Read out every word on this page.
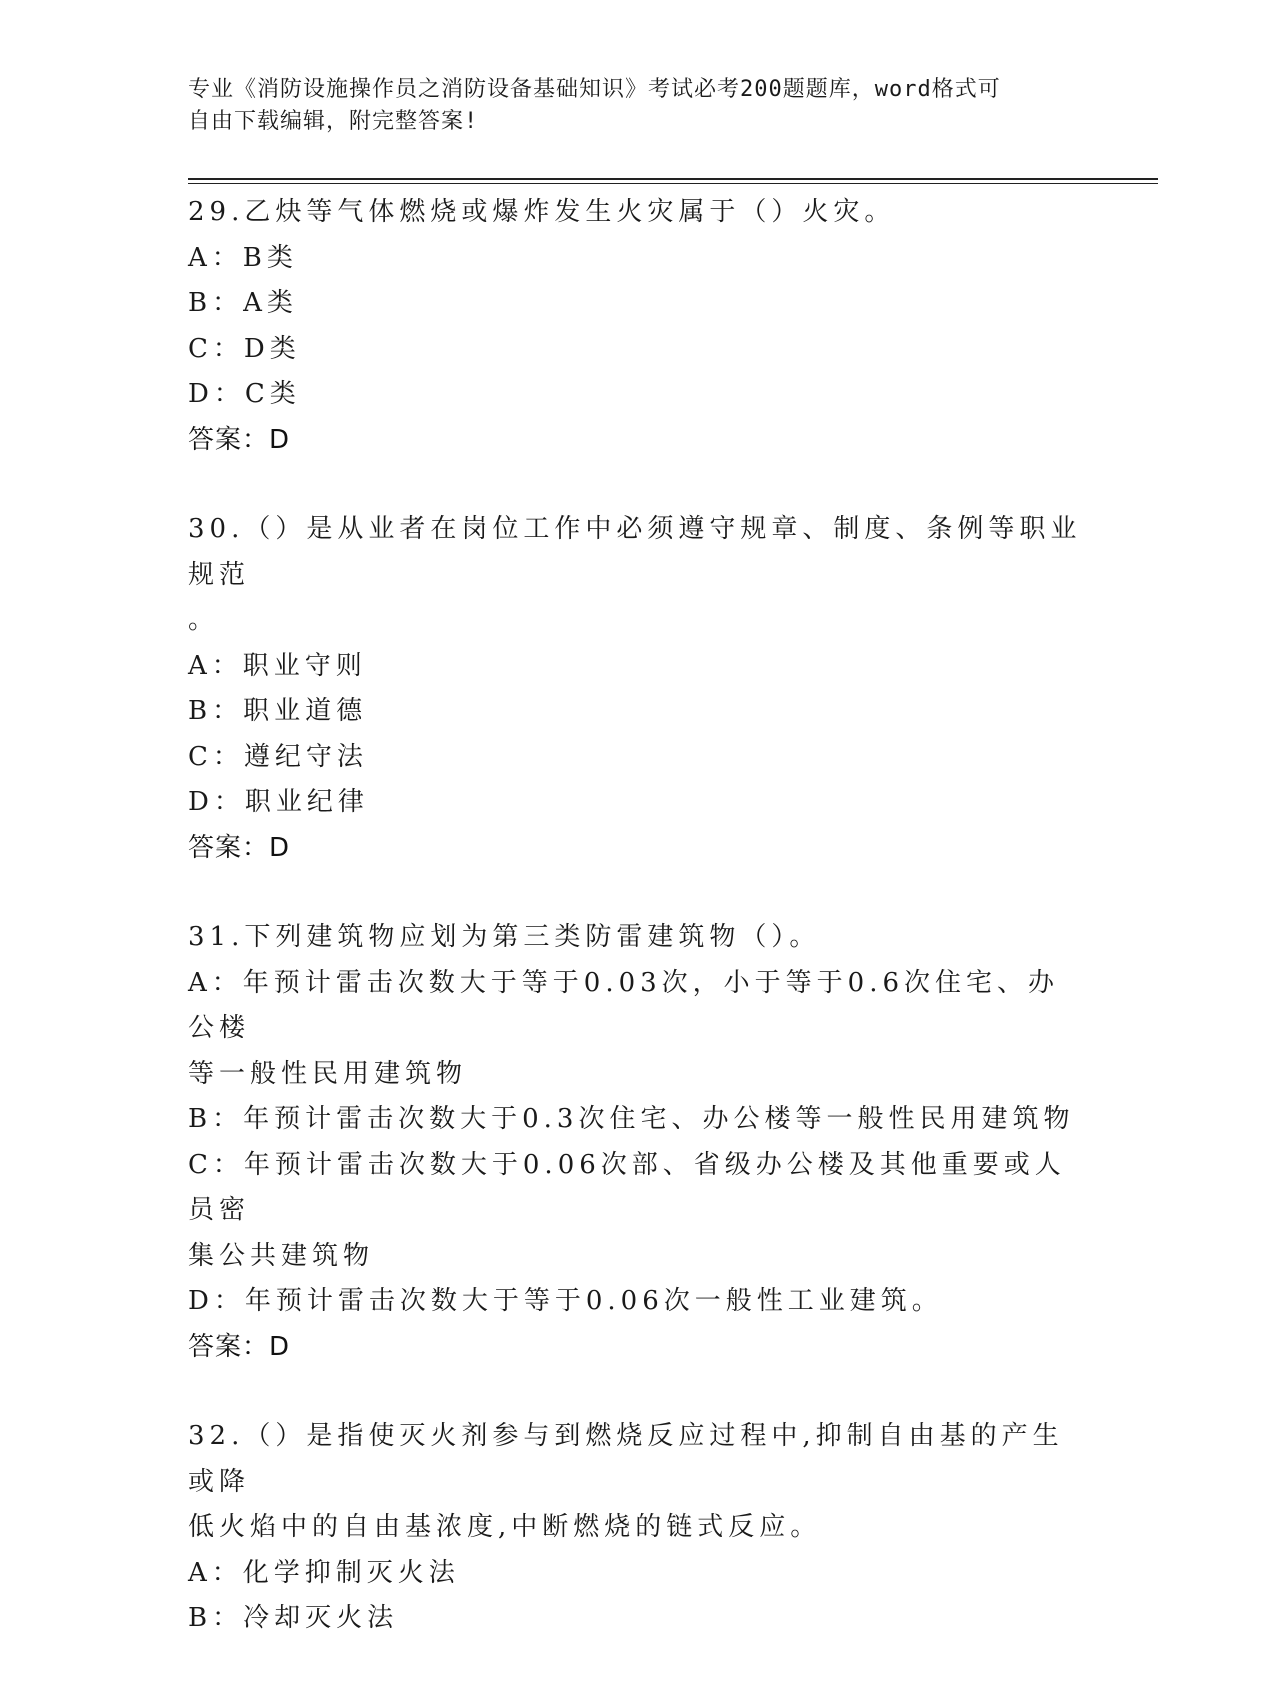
专业《消防设施操作员之消防设备基础知识》考试必考200题题库，word格式可
自由下载编辑，附完整答案!
29.乙炔等气体燃烧或爆炸发生火灾属于（）火灾。
A：B类
B：A类
C：D类
D：C类
答案：D
30.（）是从业者在岗位工作中必须遵守规章、制度、条例等职业规范
。
A：职业守则
B：职业道德
C：遵纪守法
D：职业纪律
答案：D
31.下列建筑物应划为第三类防雷建筑物（）。
A：年预计雷击次数大于等于0.03次，小于等于0.6次住宅、办公楼
等一般性民用建筑物
B：年预计雷击次数大于0.3次住宅、办公楼等一般性民用建筑物
C：年预计雷击次数大于0.06次部、省级办公楼及其他重要或人员密
集公共建筑物
D：年预计雷击次数大于等于0.06次一般性工业建筑。
答案：D
32.（）是指使灭火剂参与到燃烧反应过程中,抑制自由基的产生或降
低火焰中的自由基浓度,中断燃烧的链式反应。
A：化学抑制灭火法
B：冷却灭火法
